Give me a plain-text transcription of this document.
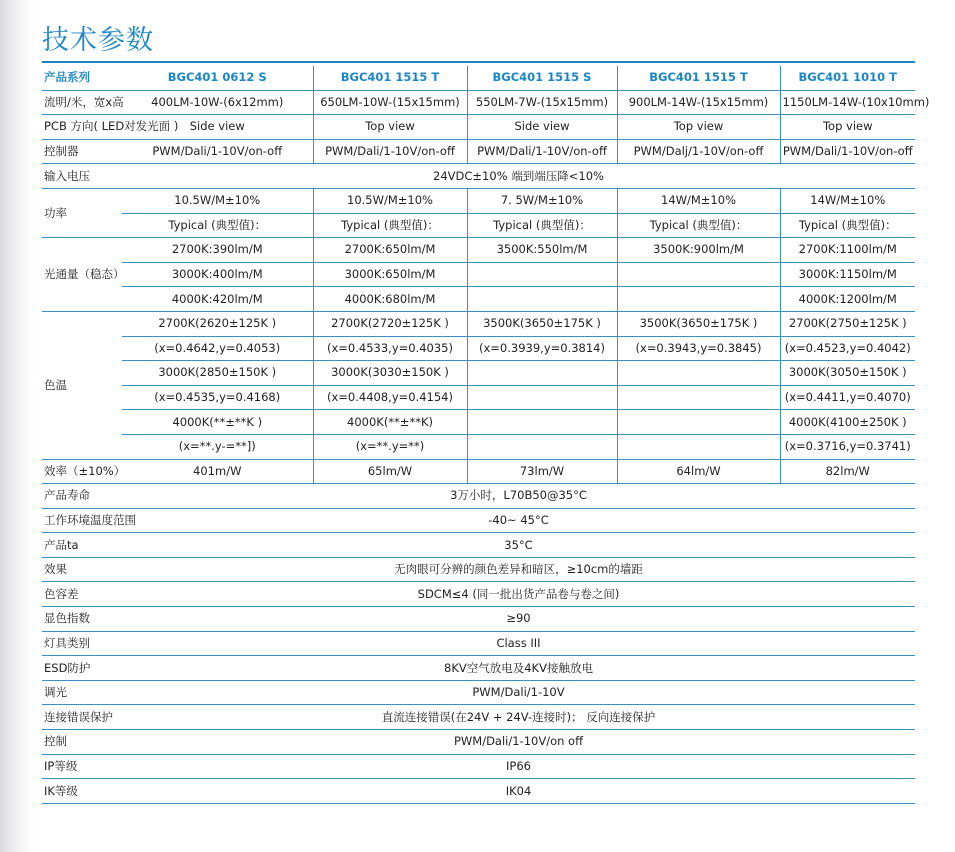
技术参数
产品系列	BGC401 0612 S	BGC401 1515 T	BGC401 1515 S	BGC401 1515 T	BGC401 1010 T
流明/米，宽x高	400LM-10W-(6x12mm)	650LM-10W-(15x15mm)	550LM-7W-(15x15mm)	900LM-14W-(15x15mm)	1150LM-14W-(10x10mm)
PCB 方向( LED对发光面 )	Side view	Top view	Side view	Top view	Top view
控制器	PWM/Dali/1-10V/on-off	PWM/Dali/1-10V/on-off	PWM/Dali/1-10V/on-off	PWM/Dalj/1-10V/on-off	PWM/Dali/1-10V/on-off
输入电压	24VDC±10% 端到端压降<10%				
功率	10.5W/M±10%	10.5W/M±10%	7. 5W/M±10%	14W/M±10%	14W/M±10%
	Typical (典型值)：	Typical (典型值)：	Typical (典型值)：	Typical (典型值)：	Typical (典型值)：
光通量（稳态）	2700K:390lm/M	2700K:650lm/M	3500K:550lm/M	3500K:900lm/M	2700K:1100lm/M
	3000K:400lm/M	3000K:650lm/M			3000K:1150lm/M
	4000K:420lm/M	4000K:680lm/M			4000K:1200lm/M
色温	2700K(2620±125K )	2700K(2720±125K )	3500K(3650±175K )	3500K(3650±175K )	2700K(2750±125K )
	(x=0.4642,y=0.4053)	(x=0.4533,y=0.4035)	(x=0.3939,y=0.3814)	(x=0.3943,y=0.3845)	(x=0.4523,y=0.4042)
	3000K(2850±150K )	3000K(3030±150K )			3000K(3050±150K )
	(x=0.4535,y=0.4168)	(x=0.4408,y=0.4154)			(x=0.4411,y=0.4070)
	4000K(**±**K )	4000K(**±**K)			4000K(4100±250K )
	(x=**.y-=**])	(x=**.y=**)			(x=0.3716,y=0.3741)
效率（±10%）	401m/W	65lm/W	73lm/W	64lm/W	82lm/W
产品寿命	3万小时，L70B50@35°C				
工作环境温度范围	-40~ 45°C				
产品ta	35°C				
效果	无肉眼可分辨的颜色差异和暗区，≥10cm的墙距				
色容差	SDCM≤4 (同一批出货产品卷与卷之间)				
显色指数	≥90				
灯具类别	Class III				
ESD防护	8KV空气放电及4KV接触放电				
调光	PWM/Dali/1-10V				
连接错误保护	直流连接错误(在24V + 24V-连接时)； 反向连接保护				
控制	PWM/Dali/1-10V/on off				
IP等级	IP66				
IK等级	IK04				
